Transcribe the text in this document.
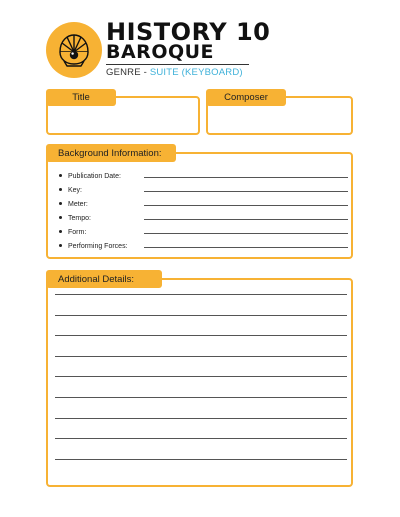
HISTORY 10
BAROQUE
GENRE - SUITE (KEYBOARD)
Title	Composer
Background Information:
Publication Date:
Key:
Meter:
Tempo:
Form:
Performing Forces:
Additional Details:
